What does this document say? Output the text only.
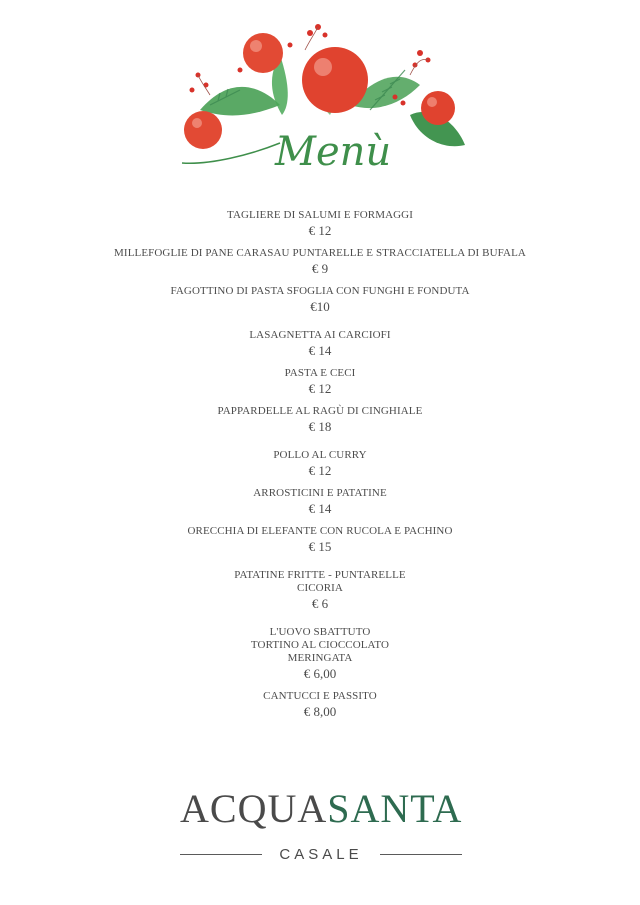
Menù
TAGLIERE DI SALUMI E FORMAGGI
€ 12
MILLEFOGLIE DI PANE CARASAU PUNTARELLE E STRACCIATELLA DI BUFALA
€ 9
FAGOTTINO DI PASTA SFOGLIA CON FUNGHI E FONDUTA
€10
LASAGNETTA AI CARCIOFI
€ 14
PASTA E CECI
€ 12
PAPPARDELLE AL RAGÙ DI CINGHIALE
€ 18
POLLO AL CURRY
€ 12
ARROSTICINI E PATATINE
€ 14
ORECCHIA DI ELEFANTE CON RUCOLA E PACHINO
€ 15
PATATINE FRITTE - PUNTARELLE
CICORIA
€ 6
L'UOVO SBATTUTO
TORTINO AL CIOCCOLATO
MERINGATA
€ 6,00
CANTUCCI E PASSITO
€ 8,00
ACQUASANTA
CASALE
